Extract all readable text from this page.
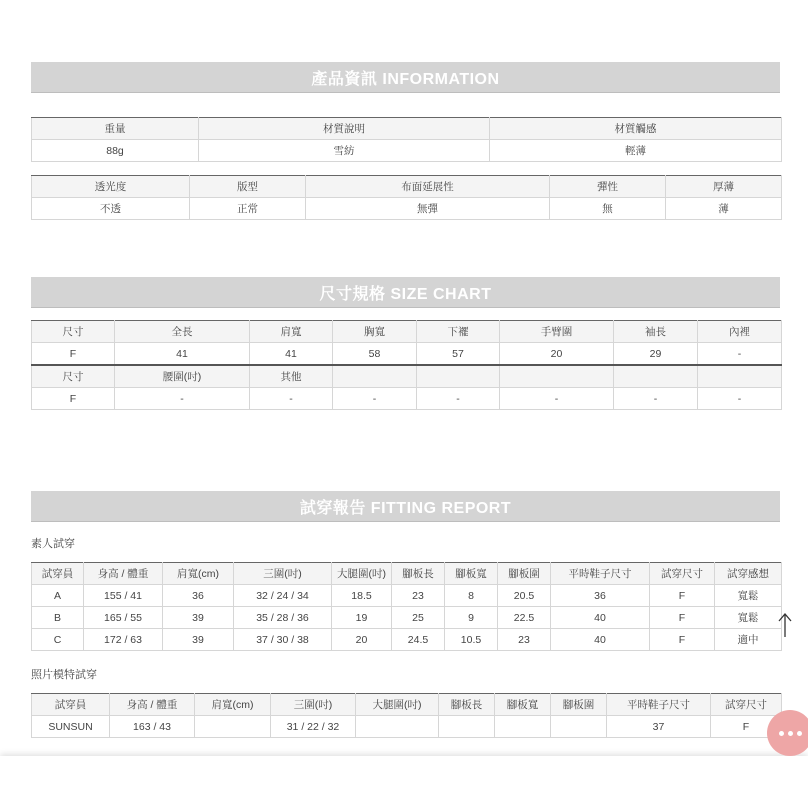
產品資訊 INFORMATION
重量	材質說明	材質觸感
88g	雪紡	輕薄
透光度	版型	布面延展性	彈性	厚薄
不透	正常	無彈	無	薄
尺寸規格 SIZE CHART
尺寸	全長	肩寬	胸寬	下襬	手臂圍	袖長	內裡
F	41	41	58	57	20	29	-
尺寸	腰圍(吋)	其他					
F	-	-	-	-	-	-	-
試穿報告 FITTING REPORT
素人試穿
試穿員	身高 / 體重	肩寬(cm)	三圍(吋)	大腿圍(吋)	腳板長	腳板寬	腳板圍	平時鞋子尺寸	試穿尺寸	試穿感想
A	155 / 41	36	32 / 24 / 34	18.5	23	8	20.5	36	F	寬鬆
B	165 / 55	39	35 / 28 / 36	19	25	9	22.5	40	F	寬鬆
C	172 / 63	39	37 / 30 / 38	20	24.5	10.5	23	40	F	適中
照片模特試穿
試穿員	身高 / 體重	肩寬(cm)	三圍(吋)	大腿圍(吋)	腳板長	腳板寬	腳板圍	平時鞋子尺寸	試穿尺寸
SUNSUN	163 / 43		31 / 22 / 32					37	F
